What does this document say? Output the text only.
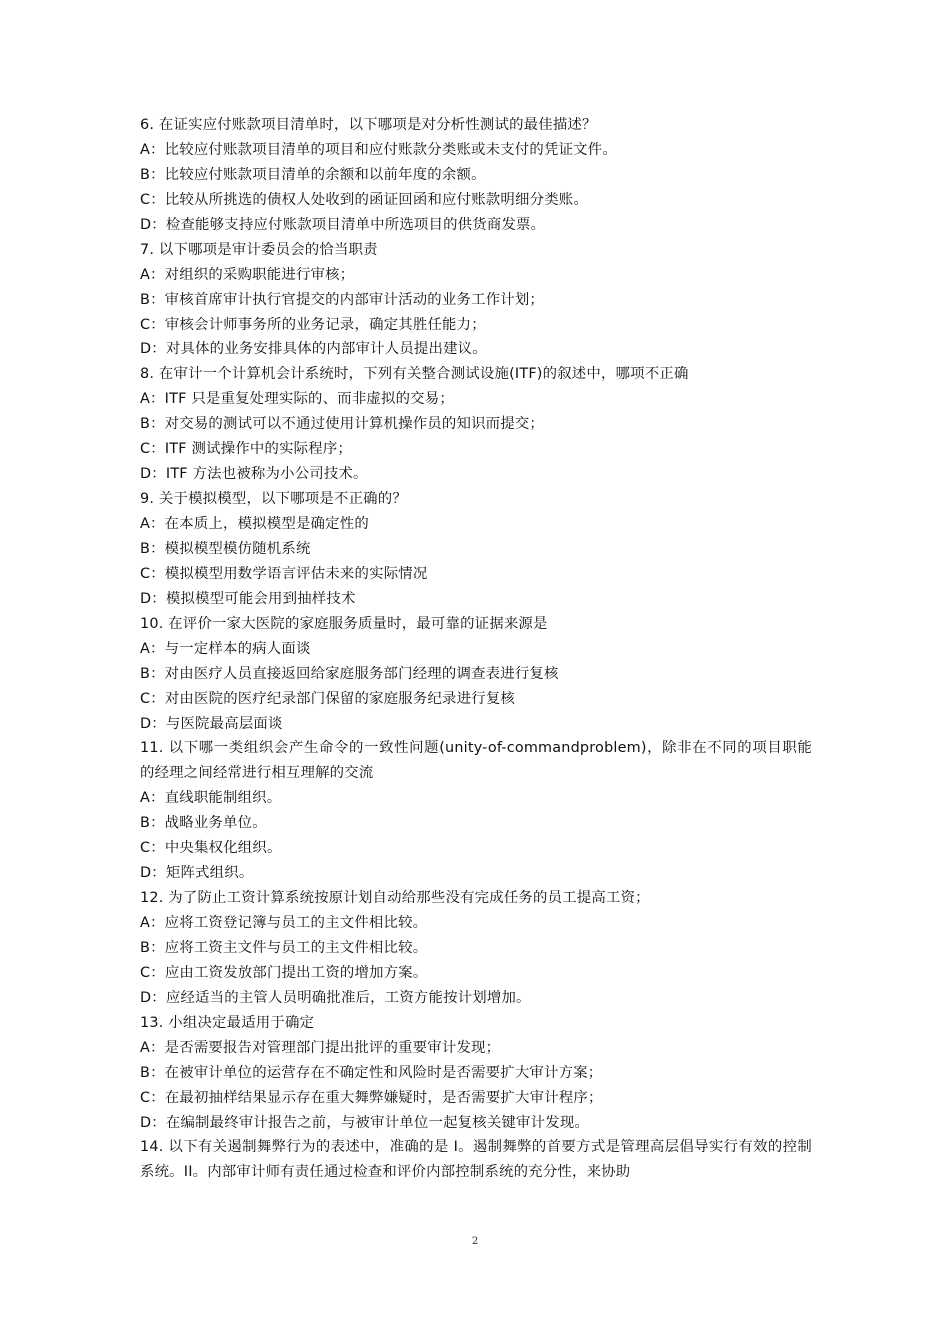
6. 在证实应付账款项目清单时，以下哪项是对分析性测试的最佳描述？
A：比较应付账款项目清单的项目和应付账款分类账或未支付的凭证文件。
B：比较应付账款项目清单的余额和以前年度的余额。
C：比较从所挑选的债权人处收到的函证回函和应付账款明细分类账。
D：检查能够支持应付账款项目清单中所选项目的供货商发票。
7. 以下哪项是审计委员会的恰当职责
A：对组织的采购职能进行审核；
B：审核首席审计执行官提交的内部审计活动的业务工作计划；
C：审核会计师事务所的业务记录，确定其胜任能力；
D：对具体的业务安排具体的内部审计人员提出建议。
8. 在审计一个计算机会计系统时，下列有关整合测试设施(ITF)的叙述中，哪项不正确
A：ITF 只是重复处理实际的、而非虚拟的交易；
B：对交易的测试可以不通过使用计算机操作员的知识而提交；
C：ITF 测试操作中的实际程序；
D：ITF 方法也被称为小公司技术。
9. 关于模拟模型，以下哪项是不正确的？
A：在本质上，模拟模型是确定性的
B：模拟模型模仿随机系统
C：模拟模型用数学语言评估未来的实际情况
D：模拟模型可能会用到抽样技术
10. 在评价一家大医院的家庭服务质量时，最可靠的证据来源是
A：与一定样本的病人面谈
B：对由医疗人员直接返回给家庭服务部门经理的调查表进行复核
C：对由医院的医疗纪录部门保留的家庭服务纪录进行复核
D：与医院最高层面谈
11. 以下哪一类组织会产生命令的一致性问题(unity-of-commandproblem)，除非在不同的项目职能的经理之间经常进行相互理解的交流
A：直线职能制组织。
B：战略业务单位。
C：中央集权化组织。
D：矩阵式组织。
12. 为了防止工资计算系统按原计划自动给那些没有完成任务的员工提高工资；
A：应将工资登记簿与员工的主文件相比较。
B：应将工资主文件与员工的主文件相比较。
C：应由工资发放部门提出工资的增加方案。
D：应经适当的主管人员明确批准后，工资方能按计划增加。
13. 小组决定最适用于确定
A：是否需要报告对管理部门提出批评的重要审计发现；
B：在被审计单位的运营存在不确定性和风险时是否需要扩大审计方案；
C：在最初抽样结果显示存在重大舞弊嫌疑时，是否需要扩大审计程序；
D：在编制最终审计报告之前，与被审计单位一起复核关键审计发现。
14. 以下有关遏制舞弊行为的表述中，准确的是 I。遏制舞弊的首要方式是管理高层倡导实行有效的控制系统。II。内部审计师有责任通过检查和评价内部控制系统的充分性，来协助
2
